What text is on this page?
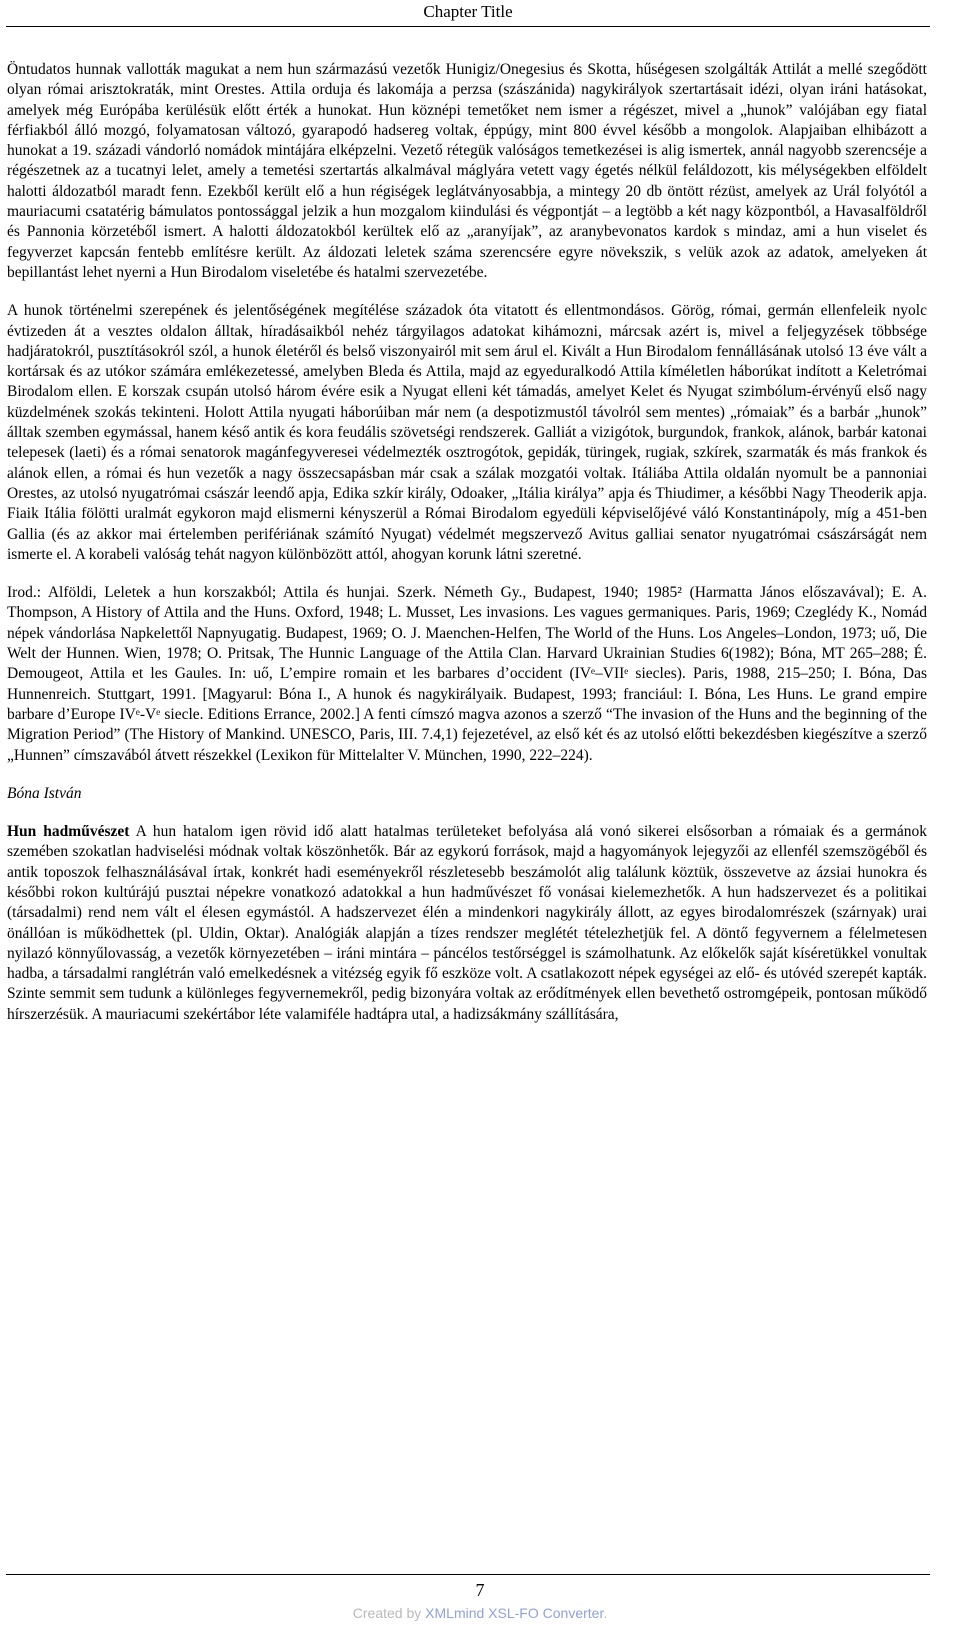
Chapter Title

Öntudatos hunnak vallották magukat a nem hun származású vezetők Hunigiz/Onegesius és Skotta, hűségesen szolgálták Attilát a mellé szegődött olyan római arisztokraták, mint Orestes. Attila orduja és lakomája a perzsa (szászánida) nagykirályok szertartásait idézi, olyan iráni hatásokat, amelyek még Európába kerülésük előtt érték a hunokat. Hun köznépi temetőket nem ismer a régészet, mivel a „hunok” valójában egy fiatal férfiakból álló mozgó, folyamatosan változó, gyarapodó hadsereg voltak, éppúgy, mint 800 évvel később a mongolok. Alapjaiban elhibázott a hunokat a 19. századi vándorló nomádok mintájára elképzelni. Vezető rétegük valóságos temetkezései is alig ismertek, annál nagyobb szerencséje a régészetnek az a tucatnyi lelet, amely a temetési szertartás alkalmával máglyára vetett vagy égetés nélkül feláldozott, kis mélységekben elföldelt halotti áldozatból maradt fenn. Ezekből került elő a hun régiségek leglátványosabbja, a mintegy 20 db öntött rézüst, amelyek az Urál folyótól a mauriacumi csatatérig bámulatos pontossággal jelzik a hun mozgalom kiindulási és végpontját – a legtöbb a két nagy központból, a Havasalföldről és Pannonia körzetéből ismert. A halotti áldozatokból kerültek elő az „aranyíjak”, az aranybevonatos kardok s mindaz, ami a hun viselet és fegyverzet kapcsán fentebb említésre került. Az áldozati leletek száma szerencsére egyre növekszik, s velük azok az adatok, amelyeken át bepillantást lehet nyerni a Hun Birodalom viseletébe és hatalmi szervezetébe.

A hunok történelmi szerepének és jelentőségének megítélése századok óta vitatott és ellentmondásos. Görög, római, germán ellenfeleik nyolc évtizeden át a vesztes oldalon álltak, híradásaikból nehéz tárgyilagos adatokat kihámozni, márcsak azért is, mivel a feljegyzések többsége hadjáratokról, pusztításokról szól, a hunok életéről és belső viszonyairól mit sem árul el. Kivált a Hun Birodalom fennállásának utolsó 13 éve vált a kortársak és az utókor számára emlékezetessé, amelyben Bleda és Attila, majd az egyeduralkodó Attila kíméletlen háborúkat indított a Keletrómai Birodalom ellen. E korszak csupán utolsó három évére esik a Nyugat elleni két támadás, amelyet Kelet és Nyugat szimbólum-érvényű első nagy küzdelmének szokás tekinteni. Holott Attila nyugati háborúiban már nem (a despotizmustól távolról sem mentes) „rómaiak” és a barbár „hunok” álltak szemben egymással, hanem késő antik és kora feudális szövetségi rendszerek. Galliát a vizigótok, burgundok, frankok, alánok, barbár katonai telepesek (laeti) és a római senatorok magánfegyveresei védelmezték osztrogótok, gepidák, türingek, rugiak, szkírek, szarmaták és más frankok és alánok ellen, a római és hun vezetők a nagy összecsapásban már csak a szálak mozgatói voltak. Itáliába Attila oldalán nyomult be a pannoniai Orestes, az utolsó nyugatrómai császár leendő apja, Edika szkír király, Odoaker, „Itália királya” apja és Thiudimer, a későbbi Nagy Theoderik apja. Fiaik Itália fölötti uralmát egykoron majd elismerni kényszerül a Római Birodalom egyedüli képviselőjévé váló Konstantinápoly, míg a 451-ben Gallia (és az akkor mai értelemben perifériának számító Nyugat) védelmét megszervező Avitus galliai senator nyugatrómai császárságát nem ismerte el. A korabeli valóság tehát nagyon különbözött attól, ahogyan korunk látni szeretné.

Irod.: Alföldi, Leletek a hun korszakból; Attila és hunjai. Szerk. Németh Gy., Budapest, 1940; 1985² (Harmatta János előszavával); E. A. Thompson, A History of Attila and the Huns. Oxford, 1948; L. Musset, Les invasions. Les vagues germaniques. Paris, 1969; Czeglédy K., Nomád népek vándorlása Napkelettől Napnyugatig. Budapest, 1969; O. J. Maenchen-Helfen, The World of the Huns. Los Angeles–London, 1973; uő, Die Welt der Hunnen. Wien, 1978; O. Pritsak, The Hunnic Language of the Attila Clan. Harvard Ukrainian Studies 6(1982); Bóna, MT 265–288; É. Demougeot, Attila et les Gaules. In: uő, L’empire romain et les barbares d’occident (IVᵉ–VIIᵉ siecles). Paris, 1988, 215–250; I. Bóna, Das Hunnenreich. Stuttgart, 1991. [Magyarul: Bóna I., A hunok és nagykirályaik. Budapest, 1993; franciául: I. Bóna, Les Huns. Le grand empire barbare d’Europe IVᵉ-Vᵉ siecle. Editions Errance, 2002.] A fenti címszó magva azonos a szerző “The invasion of the Huns and the beginning of the Migration Period” (The History of Mankind. UNESCO, Paris, III. 7.4,1) fejezetével, az első két és az utolsó előtti bekezdésben kiegészítve a szerző „Hunnen” címszavából átvett részekkel (Lexikon für Mittelalter V. München, 1990, 222–224).

Bóna István

Hun hadművészet A hun hatalom igen rövid idő alatt hatalmas területeket befolyása alá vonó sikerei elsősorban a rómaiak és a germánok szemében szokatlan hadviselési módnak voltak köszönhetők. Bár az egykorú források, majd a hagyományok lejegyzői az ellenfél szemszögéből és antik toposzok felhasználásával írtak, konkrét hadi eseményekről részletesebb beszámolót alig találunk köztük, összevetve az ázsiai hunokra és későbbi rokon kultúrájú pusztai népekre vonatkozó adatokkal a hun hadművészet fő vonásai kielemezhetők. A hun hadszervezet és a politikai (társadalmi) rend nem vált el élesen egymástól. A hadszervezet élén a mindenkori nagykirály állott, az egyes birodalomrészek (szárnyak) urai önállóan is működhettek (pl. Uldin, Oktar). Analógiák alapján a tízes rendszer meglétét tételezhetjük fel. A döntő fegyvernem a félelmetesen nyilazó könnyűlovasság, a vezetők környezetében – iráni mintára – páncélos testőrséggel is számolhatunk. Az előkelők saját kíséretükkel vonultak hadba, a társadalmi ranglétrán való emelkedésnek a vitézség egyik fő eszköze volt. A csatlakozott népek egységei az elő- és utóvéd szerepét kapták. Szinte semmit sem tudunk a különleges fegyvernemekről, pedig bizonyára voltak az erődítmények ellen bevethető ostromgépeik, pontosan működő hírszerzésük. A mauriacumi szekértábor léte valamiféle hadtápra utal, a hadizsákmány szállítására,

7
Created by XMLmind XSL-FO Converter.
